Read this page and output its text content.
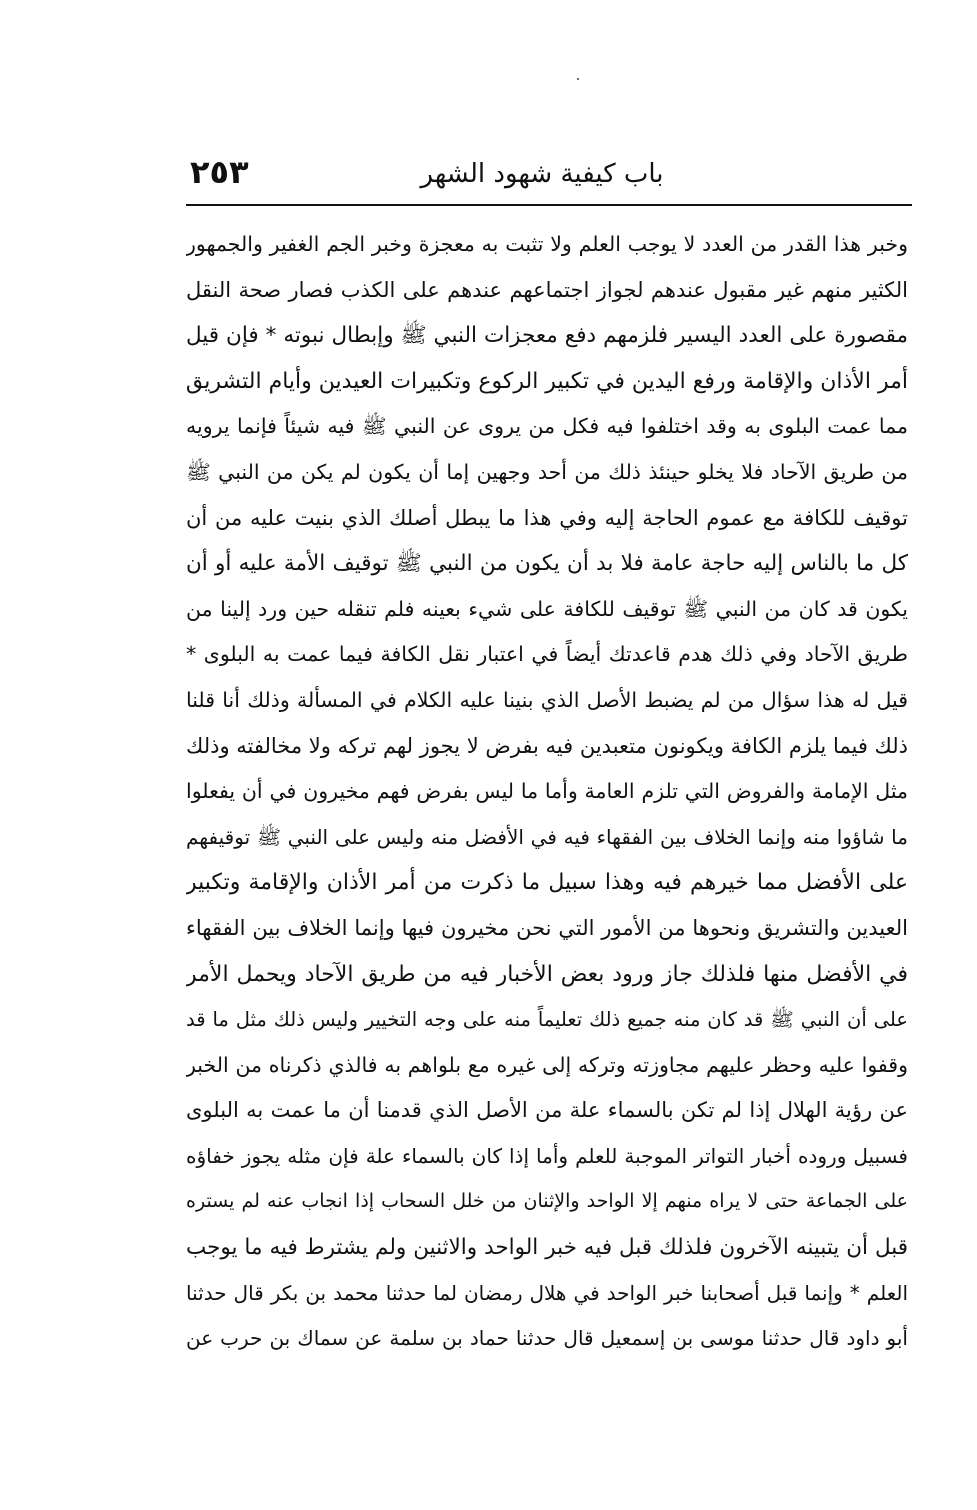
باب كيفية شهود الشهر
٢٥٣
وخبر هذا القدر من العدد لا يوجب العلم ولا تثبت به معجزة وخبر الجم الغفير والجمهور
الكثير منهم غير مقبول عندهم لجواز اجتماعهم عندهم على الكذب فصار صحة النقل
مقصورة على العدد اليسير فلزمهم دفع معجزات النبي ﷺ وإبطال نبوته * فإن قيل
أمر الأذان والإقامة ورفع اليدين في تكبير الركوع وتكبيرات العيدين وأيام التشريق
مما عمت البلوى به وقد اختلفوا فيه فكل من يروى عن النبي ﷺ فيه شيئاً فإنما يرويه
من طريق الآحاد فلا يخلو حينئذ ذلك من أحد وجهين إما أن يكون لم يكن من النبي ﷺ
توقيف للكافة مع عموم الحاجة إليه وفي هذا ما يبطل أصلك الذي بنيت عليه من أن
كل ما بالناس إليه حاجة عامة فلا بد أن يكون من النبي ﷺ توقيف الأمة عليه أو أن
يكون قد كان من النبي ﷺ توقيف للكافة على شيء بعينه فلم تنقله حين ورد إلينا من
طريق الآحاد وفي ذلك هدم قاعدتك أيضاً في اعتبار نقل الكافة فيما عمت به البلوى *
قيل له هذا سؤال من لم يضبط الأصل الذي بنينا عليه الكلام في المسألة وذلك أنا قلنا
ذلك فيما يلزم الكافة ويكونون متعبدين فيه بفرض لا يجوز لهم تركه ولا مخالفته وذلك
مثل الإمامة والفروض التي تلزم العامة وأما ما ليس بفرض فهم مخيرون في أن يفعلوا
ما شاؤوا منه وإنما الخلاف بين الفقهاء فيه في الأفضل منه وليس على النبي ﷺ توقيفهم
على الأفضل مما خيرهم فيه وهذا سبيل ما ذكرت من أمر الأذان والإقامة وتكبير
العيدين والتشريق ونحوها من الأمور التي نحن مخيرون فيها وإنما الخلاف بين الفقهاء
في الأفضل منها فلذلك جاز ورود بعض الأخبار فيه من طريق الآحاد ويحمل الأمر
على أن النبي ﷺ قد كان منه جميع ذلك تعليماً منه على وجه التخيير وليس ذلك مثل ما قد
وقفوا عليه وحظر عليهم مجاوزته وتركه إلى غيره مع بلواهم به فالذي ذكرناه من الخبر
عن رؤية الهلال إذا لم تكن بالسماء علة من الأصل الذي قدمنا أن ما عمت به البلوى
فسبيل وروده أخبار التواتر الموجبة للعلم وأما إذا كان بالسماء علة فإن مثله يجوز خفاؤه
على الجماعة حتى لا يراه منهم إلا الواحد والإثنان من خلل السحاب إذا انجاب عنه لم يستره
قبل أن يتبينه الآخرون فلذلك قبل فيه خبر الواحد والاثنين ولم يشترط فيه ما يوجب
العلم * وإنما قبل أصحابنا خبر الواحد في هلال رمضان لما حدثنا محمد بن بكر قال حدثنا
أبو داود قال حدثنا موسى بن إسمعيل قال حدثنا حماد بن سلمة عن سماك بن حرب عن
